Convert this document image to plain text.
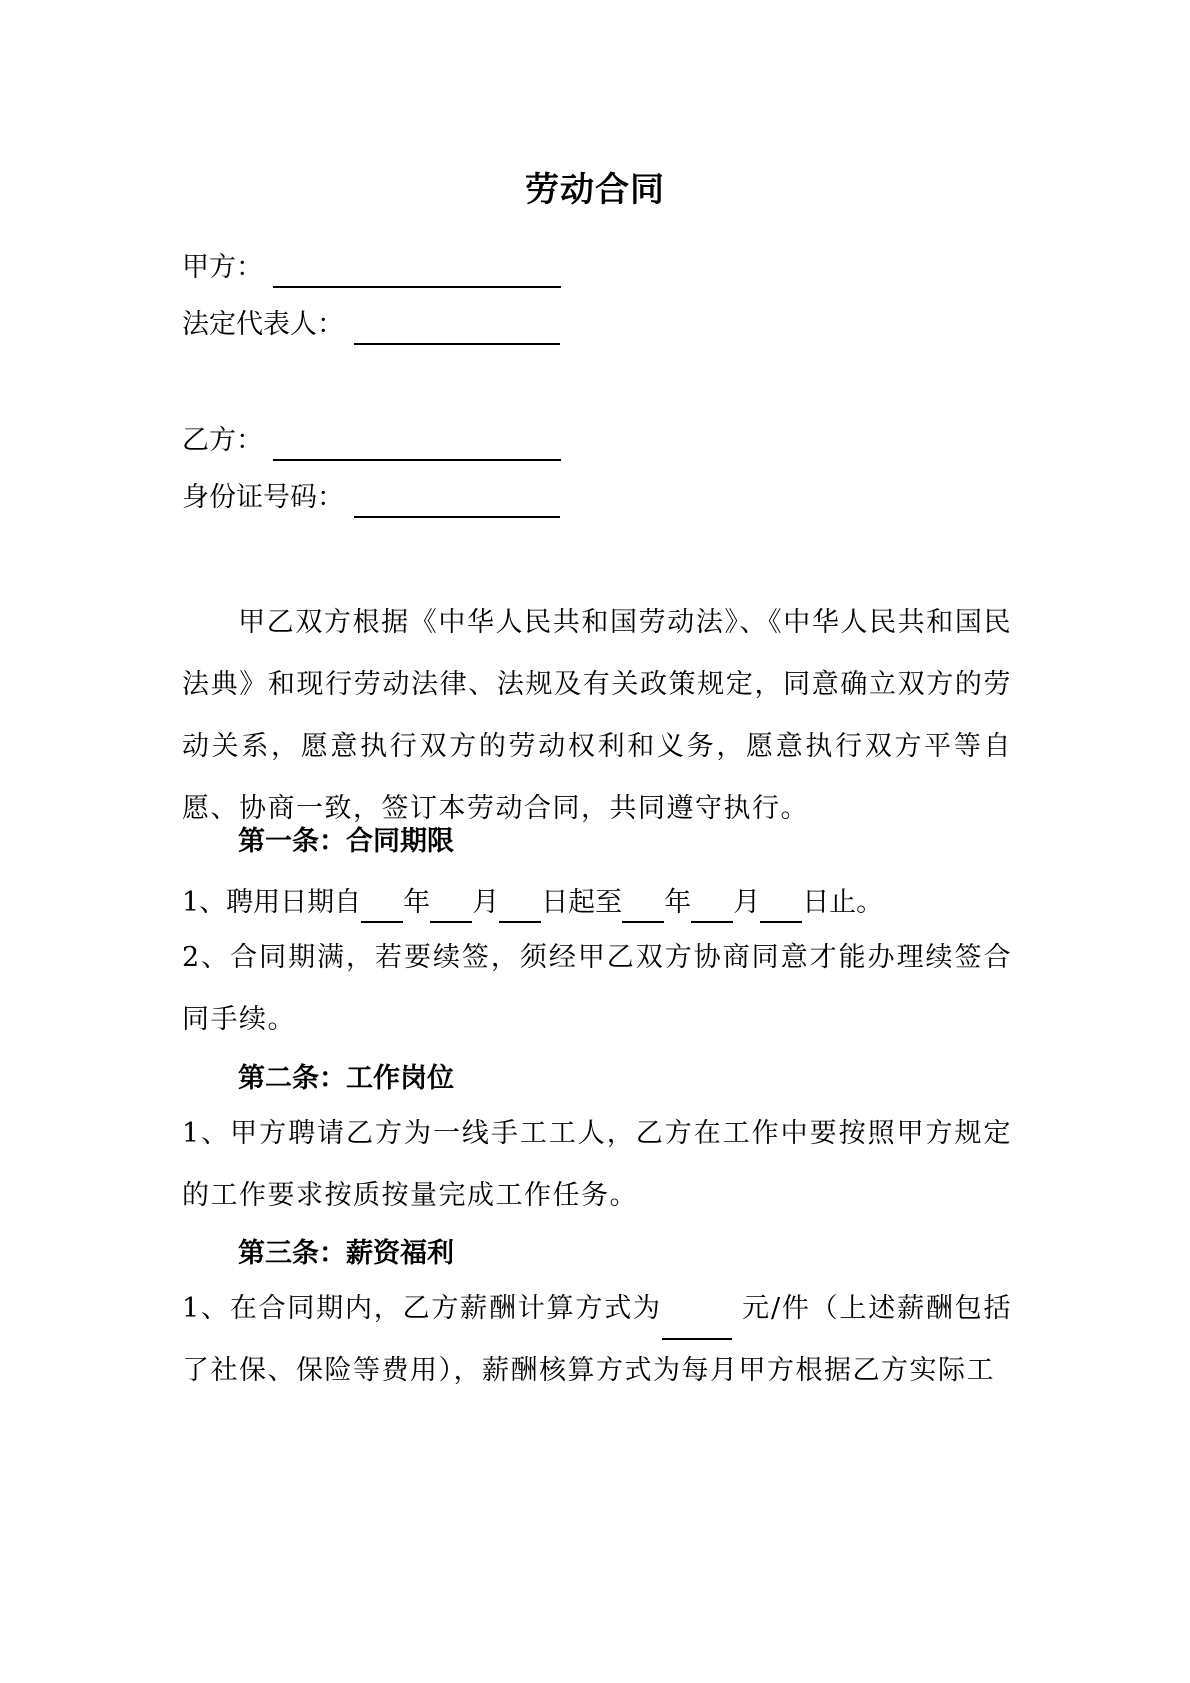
劳动合同
甲方：
法定代表人：
乙方：
身份证号码：
甲乙双方根据《中华人民共和国劳动法》、《中华人民共和国民法典》和现行劳动法律、法规及有关政策规定，同意确立双方的劳动关系，愿意执行双方的劳动权利和义务，愿意执行双方平等自愿、协商一致，签订本劳动合同，共同遵守执行。
第一条：合同期限
1、聘用日期自 年 月 日起至 年 月 日止。
2、合同期满，若要续签，须经甲乙双方协商同意才能办理续签合同手续。
第二条：工作岗位
1、甲方聘请乙方为一线手工工人，乙方在工作中要按照甲方规定的工作要求按质按量完成工作任务。
第三条：薪资福利
1、在合同期内，乙方薪酬计算方式为	元/件（上述薪酬包括了社保、保险等费用），薪酬核算方式为每月甲方根据乙方实际工
